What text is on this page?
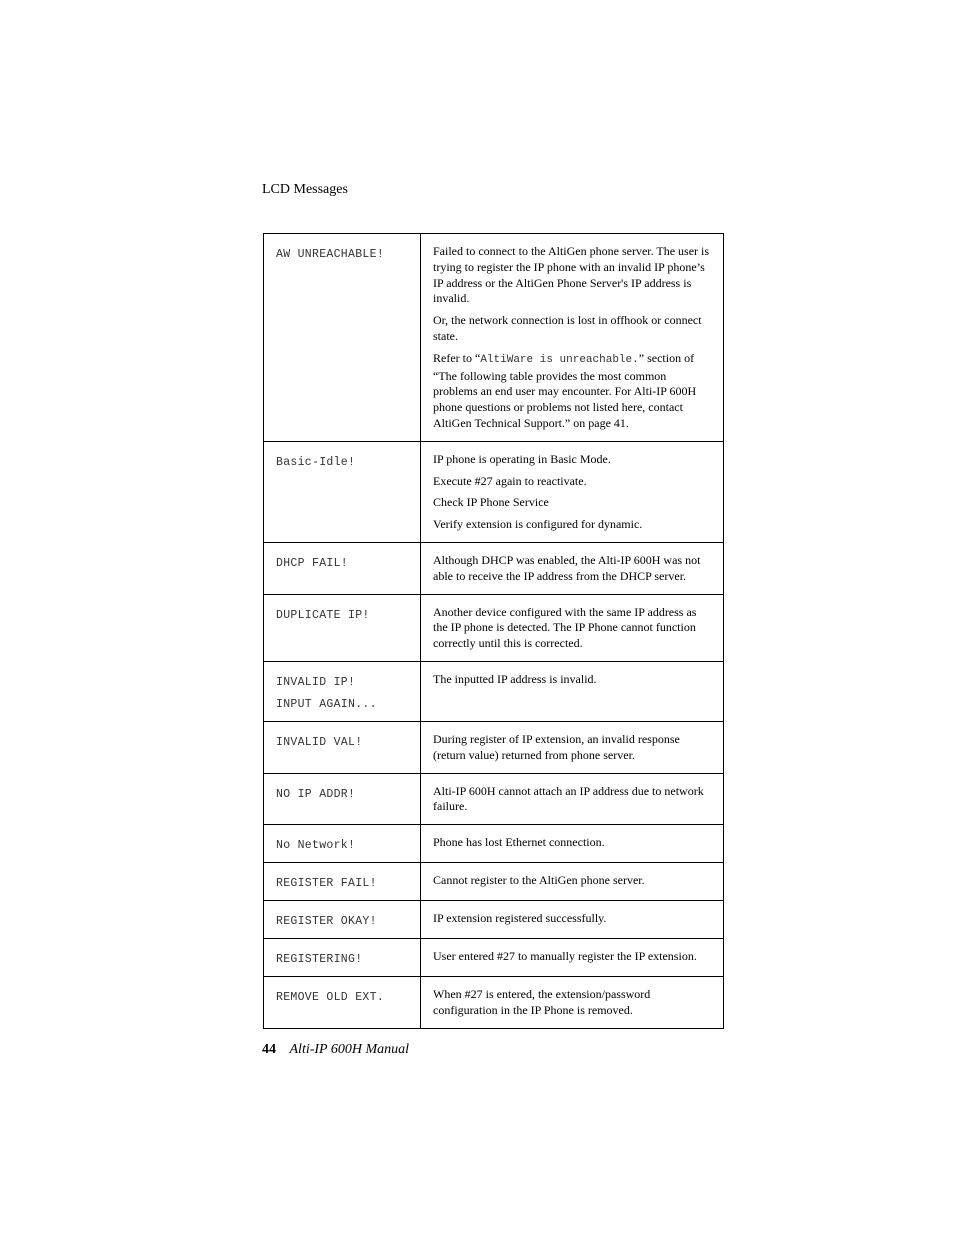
LCD Messages
AW UNREACHABLE!	Failed to connect to the AltiGen phone server. The user is trying to register the IP phone with an invalid IP phone’s IP address or the AltiGen Phone Server's IP address is invalid.

Or, the network connection is lost in offhook or connect state.

Refer to “AltiWare is unreachable.” section of “The following table provides the most common problems an end user may encounter. For Alti-IP 600H phone questions or problems not listed here, contact AltiGen Technical Support.” on page 41.

Basic-Idle!	IP phone is operating in Basic Mode.

Execute #27 again to reactivate.

Check IP Phone Service

Verify extension is configured for dynamic.

DHCP FAIL!	Although DHCP was enabled, the Alti-IP 600H was not able to receive the IP address from the DHCP server.

DUPLICATE IP!	Another device configured with the same IP address as the IP phone is detected. The IP Phone cannot function correctly until this is corrected.

INVALID IP!
INPUT AGAIN...	The inputted IP address is invalid.

INVALID VAL!	During register of IP extension, an invalid response (return value) returned from phone server.

NO IP ADDR!	Alti-IP 600H cannot attach an IP address due to network failure.

No Network!	Phone has lost Ethernet connection.

REGISTER FAIL!	Cannot register to the AltiGen phone server.

REGISTER OKAY!	IP extension registered successfully.

REGISTERING!	User entered #27 to manually register the IP extension.

REMOVE OLD EXT.	When #27 is entered, the extension/password configuration in the IP Phone is removed.

44 Alti-IP 600H Manual
